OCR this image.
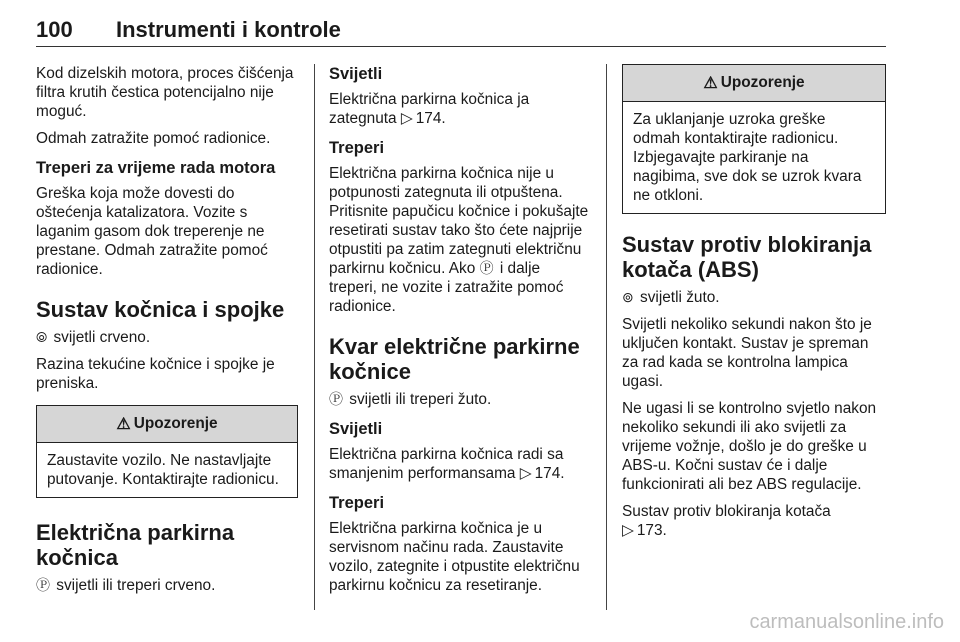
100 Instrumenti i kontrole

Kod dizelskih motora, proces čišćenja filtra krutih čestica potencijalno nije moguć.

Odmah zatražite pomoć radionice.

Treperi za vrijeme rada motora

Greška koja može dovesti do oštećenja katalizatora. Vozite s laganim gasom dok treperenje ne prestane. Odmah zatražite pomoć radionice.

Sustav kočnica i spojke

⦾ svijetli crveno.

Razina tekućine kočnice i spojke je preniska.

⚠ Upozorenje
Zaustavite vozilo. Ne nastavljajte putovanje. Kontaktirajte radionicu.
Električna parkirna kočnica

Ⓟ svijetli ili treperi crveno.

Svijetli

Električna parkirna kočnica ja zategnuta ▷ 174.

Treperi

Električna parkirna kočnica nije u potpunosti zategnuta ili otpuštena. Pritisnite papučicu kočnice i pokušajte resetirati sustav tako što ćete najprije otpustiti pa zatim zategnuti električnu parkirnu kočnicu. Ako Ⓟ i dalje treperi, ne vozite i zatražite pomoć radionice.

Kvar električne parkirne kočnice

Ⓟ svijetli ili treperi žuto.

Svijetli

Električna parkirna kočnica radi sa smanjenim performansama ▷ 174.

Treperi

Električna parkirna kočnica je u servisnom načinu rada. Zaustavite vozilo, zategnite i otpustite električnu parkirnu kočnicu za resetiranje.

⚠ Upozorenje
Za uklanjanje uzroka greške odmah kontaktirajte radionicu. Izbjegavajte parkiranje na nagibima, sve dok se uzrok kvara ne otkloni.
Sustav protiv blokiranja kotača (ABS)

⊚ svijetli žuto.

Svijetli nekoliko sekundi nakon što je uključen kontakt. Sustav je spreman za rad kada se kontrolna lampica ugasi.

Ne ugasi li se kontrolno svjetlo nakon nekoliko sekundi ili ako svijetli za vrijeme vožnje, došlo je do greške u ABS-u. Kočni sustav će i dalje funkcionirati ali bez ABS regulacije.

Sustav protiv blokiranja kotača
▷ 173.

carmanualsonline.info
